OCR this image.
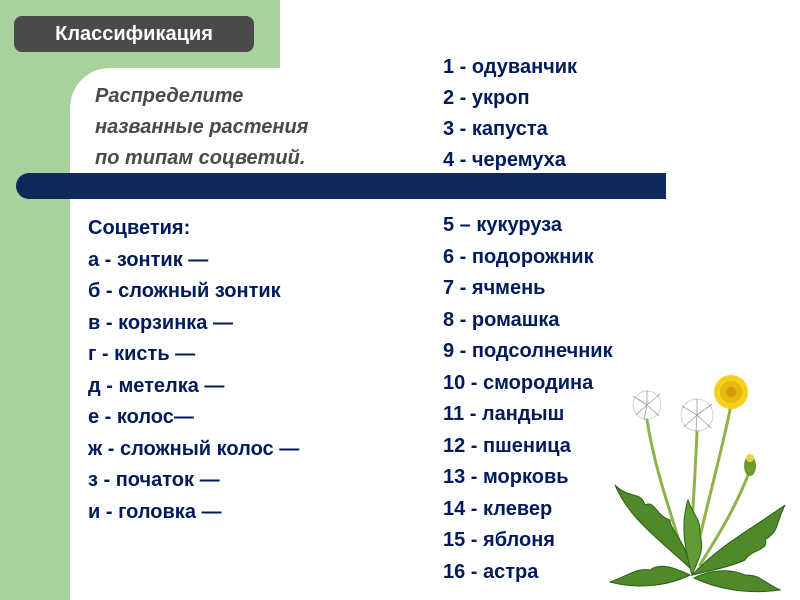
Классификация
Распределите
названные растения
по типам соцветий.
Соцветия:
а - зонтик —
б - сложный зонтик
в - корзинка —
г - кисть —
д - метелка —
е - колос—
ж - сложный колос —
з - початок —
и - головка —
1 - одуванчик
2 - укроп
3 - капуста
4 - черемуха
5 – кукуруза
6 - подорожник
7 - ячмень
8 - ромашка
9 - подсолнечник
10 - смородина
11 - ландыш
12 - пшеница
13 - морковь
14 - клевер
15 - яблоня
16 - астра
